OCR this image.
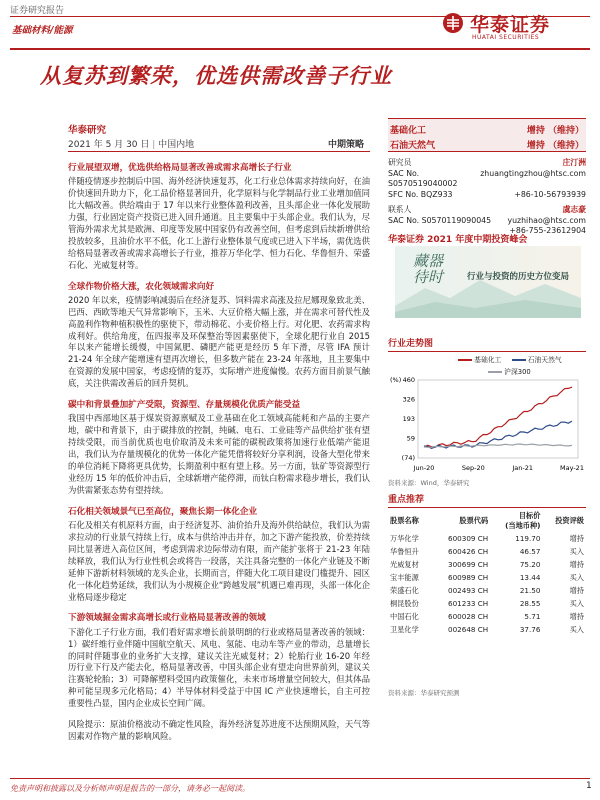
证券研究报告
基础材料/能源	华泰证券
HUATAI SECURITIES
从复苏到繁荣，优选供需改善子行业
华泰研究
2021 年 5 月 30 日 | 中国内地	中期策略
基础化工	增持 （维持）
石油天然气	增持 （维持）
研究员	庄汀洲
SAC No. S0570519040002
zhuangtingzhou@htsc.com
SFC No. BQZ933	+86-10-56793939
联系人	虞志豪
SAC No. S0570119090045 yuzhihao@htsc.com
+86-755-23612904
华泰证券 2021 年度中期投资峰会
藏器
待时	行业与投资的历史方位变局
行业走势图
基础化工	石油天然气
沪深300
460
326
193
59
(74)
(%)
Jun-20	Sep-20	Jan-21	May-21
资料来源：Wind，华泰研究
重点推荐
股票名称	股票代码	目标价
(当地币种)	投资评级
万华化学	600309 CH	119.70	增持
华鲁恒升	600426 CH	46.57	买入
光威复材	300699 CH	75.20	增持
宝丰能源	600989 CH	13.44	买入
荣盛石化	002493 CH	21.50	增持
桐昆股份	601233 CH	28.55	买入
中国石化	600028 CH	5.71	增持
卫星化学	002648 CH	37.76	买入
资料来源：华泰研究预测
行业展望双增，优选供给格局显著改善或需求高增长子行业
伴随疫情逐步控制后中国、海外经济快速复苏，化工行业总体需求持续向好，在油价快速回升助力下，化工品价格显著回升，化学原料与化学制品行业工业增加值同比大幅改善。供给端由于 17 年以来行业整体盈利改善，且头部企业一体化发展助力强，行业固定资产投资已进入回升通道。且主要集中于头部企业。我们认为，尽管海外需求尤其是欧洲、印度等发展中国家仍有改善空间，但考虑到后续新增供给投放较多，且油价水平不低，化工上游行业整体景气度或已进入下半场，需优选供给格局显著改善或需求高增长子行业，推荐万华化学、恒力石化、华鲁恒升、荣盛石化、光威复材等。
全球作物价格大涨，农化领域需求向好
2020 年以来，疫情影响减弱后在经济复苏、饲料需求高涨及拉尼娜现象致北美、巴西、西欧等地天气异常影响下，玉米、大豆价格大幅上涨，并在需求可替代性及高盈利作物种植积极性的驱使下，带动棉花、小麦价格上行。对化肥、农药需求构成利好。供给角度，伍四报率及环保整治等因素驱使下，全球化肥行业自 2015 年以来产能增长缓慢，中国氮肥、磷肥产能更是经历 5 年下滑，尽管 IFA 预计 21-24 年全球产能增速有望再次增长，但多数产能在 23-24 年落地，且主要集中在资源的发展中国家，考虑疫情的复苏，实际增产进度偏慢。农药方面目前景气触底，关注供需改善后的回升契机。
碳中和背景叠加扩产受限，资源型、存量规模化优质产能受益
我国中西部地区基于煤炭资源禀赋及工业基础在化工领域高能耗和产品的主要产地，碳中和背景下，由于碳排放的控制，纯碱、电石、工业硅等产品供给扩张有望持续受限，而当前优质也电价取消及未来可能的碳税政策将加速行业低端产能退出，我们认为存量规模化的优势一体化产能凭借将较好分享利润，设备大型化带来的单位消耗下降将更具优势，长期盈利中枢有望上移。另一方面，钛矿等资源型行业经历 15 年的低价冲击后，全球新增产能停滞，而钛白粉需求稳步增长，我们认为供需紧张态势有望持续。
石化相关领域景气已至高位，聚焦长期一体化企业
石化及相关有机原料方面，由于经济复苏、油价抬升及海外供给缺位，我们认为需求拉动的行业景气持续上行，成本与供给冲击并存，加之下游产能投放，价差持续同比显著进入高位区间，考虑到需求边际带动有限，而产能扩张将于 21-23 年陆续释放，我们认为行业性机会或将告一段落，关注具备完整的一体化产业链及不断延伸下游新材料领域的龙头企业，长期而言，伴随大化工项目建设门槛提升、园区化一体化趋势延续，我们认为小规模企业“跨越发展”机遇已难再现，头部一体化企业格局逐步稳定
下游领域掘金需求高增长或行业格局显著改善的领域
下游化工子行业方面，我们看好需求增长前景明朗的行业或格局显著改善的领域：1）碳纤维行业伴随中国航空航天、风电、氢能、电动车等产业的带动，总量增长的同时伴随事业的业务扩大支撑，建议关注光威复材；2）轮胎行业 16-20 年经历行业下行及产能去化，格局显著改善，中国头部企业有望走向世界前列，建议关注赛轮轮胎；3）可降解塑料受国内政策催化，未来市场增量空间较大，但其体品种可能呈现多元化格局；4）半导体材料受益于中国 IC 产业快速增长，自主可控重要性凸显，国内企业成长空间广阔。
风险提示：原油价格波动不确定性风险，海外经济复苏进度不达预期风险，天气等因素对作物产量的影响风险。
免责声明和披露以及分析师声明是报告的一部分，请务必一起阅读。	1
